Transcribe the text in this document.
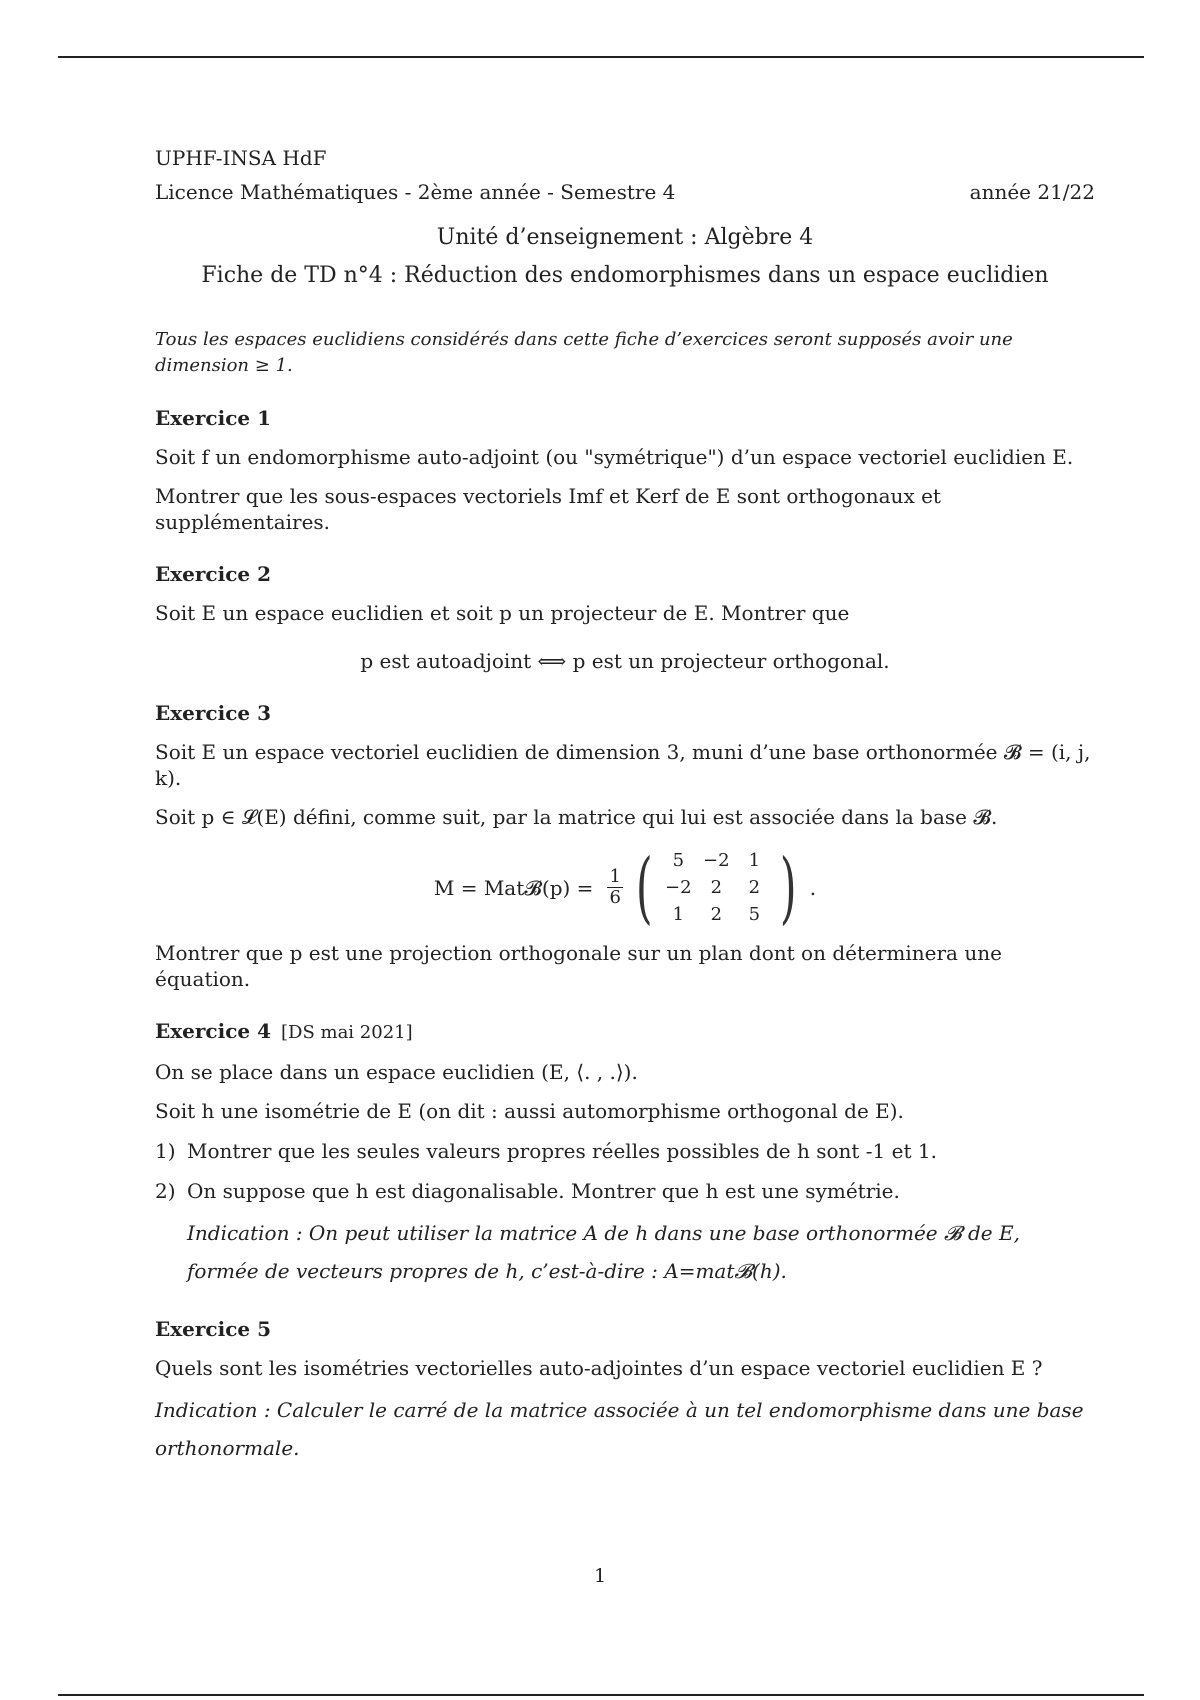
UPHF-INSA HdF

Licence Mathématiques - 2ème année - Semestre 4	année 21/22

Unité d’enseignement : Algèbre 4

Fiche de TD n°4 : Réduction des endomorphismes dans un espace euclidien

Tous les espaces euclidiens considérés dans cette fiche d’exercices seront supposés avoir une dimension ≥ 1.

Exercice 1

Soit f un endomorphisme auto-adjoint (ou "symétrique") d’un espace vectoriel euclidien E.

Montrer que les sous-espaces vectoriels Imf et Kerf de E sont orthogonaux et supplémentaires.

Exercice 2

Soit E un espace euclidien et soit p un projecteur de E. Montrer que

p est autoadjoint ⟺ p est un projecteur orthogonal.

Exercice 3

Soit E un espace vectoriel euclidien de dimension 3, muni d’une base orthonormée 𝓑 = (i, j, k).

Soit p ∈ 𝓛(E) défini, comme suit, par la matrice qui lui est associée dans la base 𝓑.

M = Mat𝓑(p) = $\frac{1}{6}$ (	5	−2	1
−2	2	2
1	2	5 ) .

Montrer que p est une projection orthogonale sur un plan dont on déterminera une équation.

Exercice 4 [DS mai 2021]

On se place dans un espace euclidien (E, ⟨. , .⟩).

Soit h une isométrie de E (on dit : aussi automorphisme orthogonal de E).

1) Montrer que les seules valeurs propres réelles possibles de h sont -1 et 1.
2) On suppose que h est diagonalisable. Montrer que h est une symétrie.

Indication : On peut utiliser la matrice A de h dans une base orthonormée 𝓑 de E, formée de vecteurs propres de h, c’est-à-dire : A=mat𝓑(h).

Exercice 5

Quels sont les isométries vectorielles auto-adjointes d’un espace vectoriel euclidien E ?

Indication : Calculer le carré de la matrice associée à un tel endomorphisme dans une base orthonormale.

1
